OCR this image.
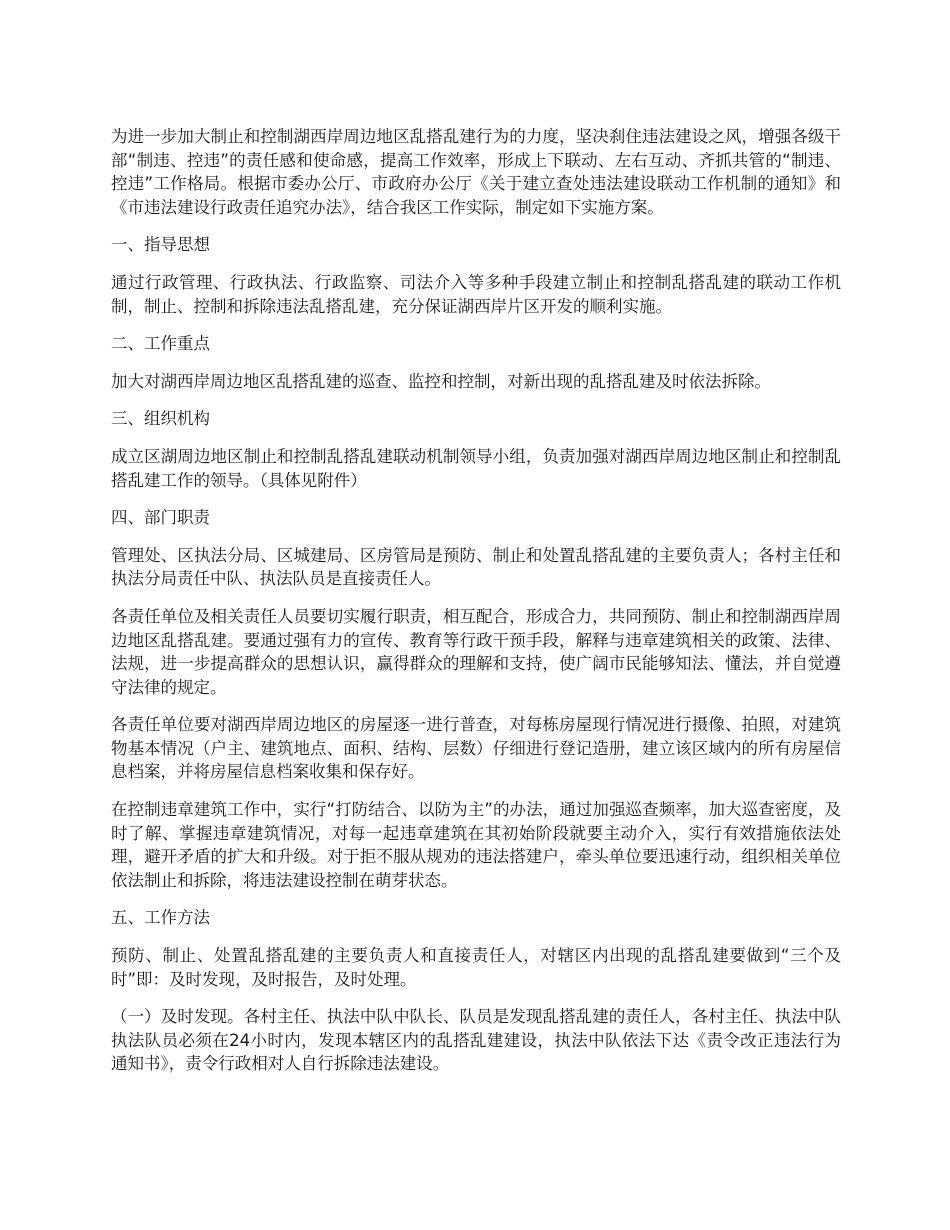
为进一步加大制止和控制湖西岸周边地区乱搭乱建行为的力度，坚决刹住违法建设之风，增强各级干部“制违、控违”的责任感和使命感，提高工作效率，形成上下联动、左右互动、齐抓共管的“制违、控违”工作格局。根据市委办公厅、市政府办公厅《关于建立查处违法建设联动工作机制的通知》和《市违法建设行政责任追究办法》，结合我区工作实际，制定如下实施方案。

一、指导思想

通过行政管理、行政执法、行政监察、司法介入等多种手段建立制止和控制乱搭乱建的联动工作机制，制止、控制和拆除违法乱搭乱建，充分保证湖西岸片区开发的顺利实施。

二、工作重点

加大对湖西岸周边地区乱搭乱建的巡查、监控和控制，对新出现的乱搭乱建及时依法拆除。

三、组织机构

成立区湖周边地区制止和控制乱搭乱建联动机制领导小组，负责加强对湖西岸周边地区制止和控制乱搭乱建工作的领导。（具体见附件）

四、部门职责

管理处、区执法分局、区城建局、区房管局是预防、制止和处置乱搭乱建的主要负责人；各村主任和执法分局责任中队、执法队员是直接责任人。

各责任单位及相关责任人员要切实履行职责，相互配合，形成合力，共同预防、制止和控制湖西岸周边地区乱搭乱建。要通过强有力的宣传、教育等行政干预手段，解释与违章建筑相关的政策、法律、法规，进一步提高群众的思想认识，赢得群众的理解和支持，使广阔市民能够知法、懂法，并自觉遵守法律的规定。

各责任单位要对湖西岸周边地区的房屋逐一进行普查，对每栋房屋现行情况进行摄像、拍照，对建筑物基本情况（户主、建筑地点、面积、结构、层数）仔细进行登记造册，建立该区域内的所有房屋信息档案，并将房屋信息档案收集和保存好。

在控制违章建筑工作中，实行“打防结合、以防为主”的办法，通过加强巡查频率，加大巡查密度，及时了解、掌握违章建筑情况，对每一起违章建筑在其初始阶段就要主动介入，实行有效措施依法处理，避开矛盾的扩大和升级。对于拒不服从规劝的违法搭建户，牵头单位要迅速行动，组织相关单位依法制止和拆除，将违法建设控制在萌芽状态。

五、工作方法

预防、制止、处置乱搭乱建的主要负责人和直接责任人，对辖区内出现的乱搭乱建要做到“三个及时”即：及时发现，及时报告，及时处理。

（一）及时发现。各村主任、执法中队中队长、队员是发现乱搭乱建的责任人，各村主任、执法中队执法队员必须在24小时内，发现本辖区内的乱搭乱建建设，执法中队依法下达《责令改正违法行为通知书》，责令行政相对人自行拆除违法建设。
